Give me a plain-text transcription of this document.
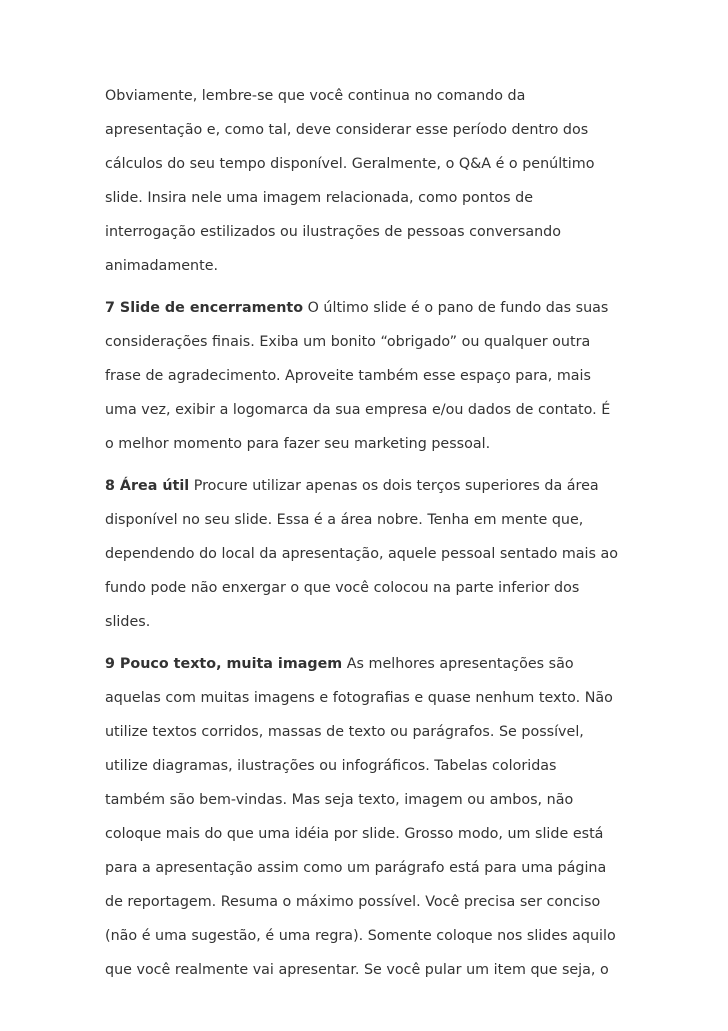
Obviamente, lembre-se que você continua no comando da
apresentação e, como tal, deve considerar esse período dentro dos
cálculos do seu tempo disponível. Geralmente, o Q&A é o penúltimo
slide. Insira nele uma imagem relacionada, como pontos de
interrogação estilizados ou ilustrações de pessoas conversando
animadamente.

7 Slide de encerramento O último slide é o pano de fundo das suas
considerações finais. Exiba um bonito “obrigado” ou qualquer outra
frase de agradecimento. Aproveite também esse espaço para, mais
uma vez, exibir a logomarca da sua empresa e/ou dados de contato. É
o melhor momento para fazer seu marketing pessoal.

8 Área útil Procure utilizar apenas os dois terços superiores da área
disponível no seu slide. Essa é a área nobre. Tenha em mente que,
dependendo do local da apresentação, aquele pessoal sentado mais ao
fundo pode não enxergar o que você colocou na parte inferior dos
slides.

9 Pouco texto, muita imagem As melhores apresentações são
aquelas com muitas imagens e fotografias e quase nenhum texto. Não
utilize textos corridos, massas de texto ou parágrafos. Se possível,
utilize diagramas, ilustrações ou infográficos. Tabelas coloridas
também são bem-vindas. Mas seja texto, imagem ou ambos, não
coloque mais do que uma idéia por slide. Grosso modo, um slide está
para a apresentação assim como um parágrafo está para uma página
de reportagem. Resuma o máximo possível. Você precisa ser conciso
(não é uma sugestão, é uma regra). Somente coloque nos slides aquilo
que você realmente vai apresentar. Se você pular um item que seja, o
